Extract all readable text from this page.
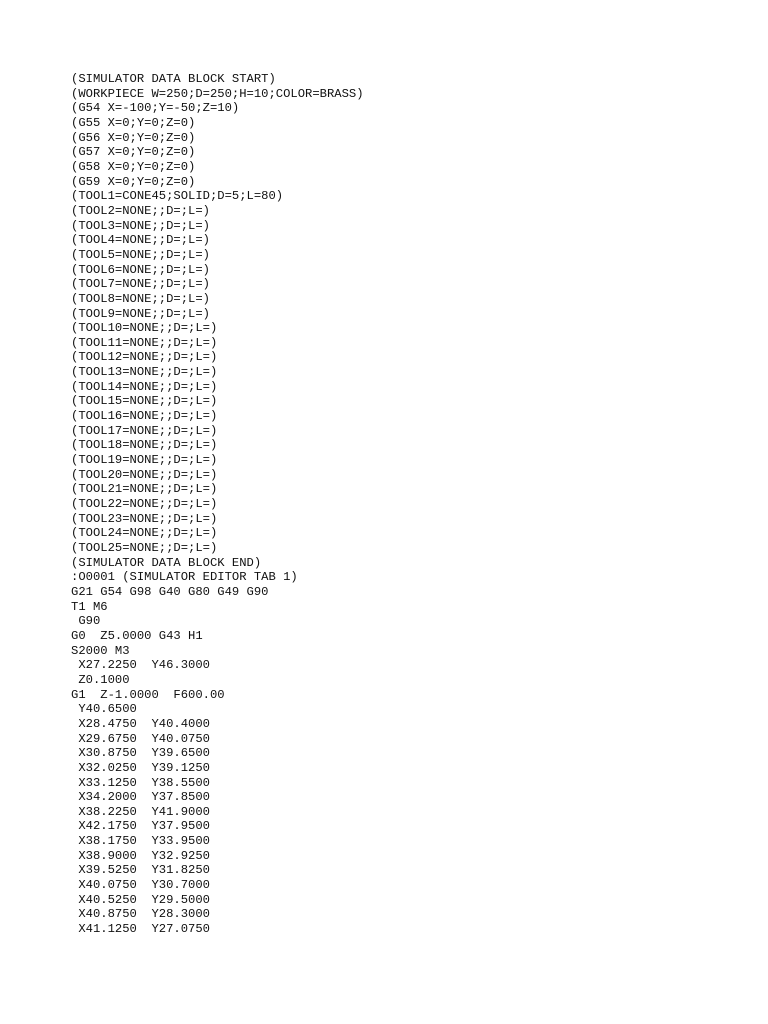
(SIMULATOR DATA BLOCK START)
(WORKPIECE W=250;D=250;H=10;COLOR=BRASS)
(G54 X=-100;Y=-50;Z=10)
(G55 X=0;Y=0;Z=0)
(G56 X=0;Y=0;Z=0)
(G57 X=0;Y=0;Z=0)
(G58 X=0;Y=0;Z=0)
(G59 X=0;Y=0;Z=0)
(TOOL1=CONE45;SOLID;D=5;L=80)
(TOOL2=NONE;;D=;L=)
(TOOL3=NONE;;D=;L=)
(TOOL4=NONE;;D=;L=)
(TOOL5=NONE;;D=;L=)
(TOOL6=NONE;;D=;L=)
(TOOL7=NONE;;D=;L=)
(TOOL8=NONE;;D=;L=)
(TOOL9=NONE;;D=;L=)
(TOOL10=NONE;;D=;L=)
(TOOL11=NONE;;D=;L=)
(TOOL12=NONE;;D=;L=)
(TOOL13=NONE;;D=;L=)
(TOOL14=NONE;;D=;L=)
(TOOL15=NONE;;D=;L=)
(TOOL16=NONE;;D=;L=)
(TOOL17=NONE;;D=;L=)
(TOOL18=NONE;;D=;L=)
(TOOL19=NONE;;D=;L=)
(TOOL20=NONE;;D=;L=)
(TOOL21=NONE;;D=;L=)
(TOOL22=NONE;;D=;L=)
(TOOL23=NONE;;D=;L=)
(TOOL24=NONE;;D=;L=)
(TOOL25=NONE;;D=;L=)
(SIMULATOR DATA BLOCK END)
:O0001 (SIMULATOR EDITOR TAB 1)
G21 G54 G98 G40 G80 G49 G90
T1 M6
G90
G0  Z5.0000 G43 H1
S2000 M3
X27.2250  Y46.3000
Z0.1000
G1  Z-1.0000  F600.00
Y40.6500
X28.4750  Y40.4000
X29.6750  Y40.0750
X30.8750  Y39.6500
X32.0250  Y39.1250
X33.1250  Y38.5500
X34.2000  Y37.8500
X38.2250  Y41.9000
X42.1750  Y37.9500
X38.1750  Y33.9500
X38.9000  Y32.9250
X39.5250  Y31.8250
X40.0750  Y30.7000
X40.5250  Y29.5000
X40.8750  Y28.3000
X41.1250  Y27.0750
